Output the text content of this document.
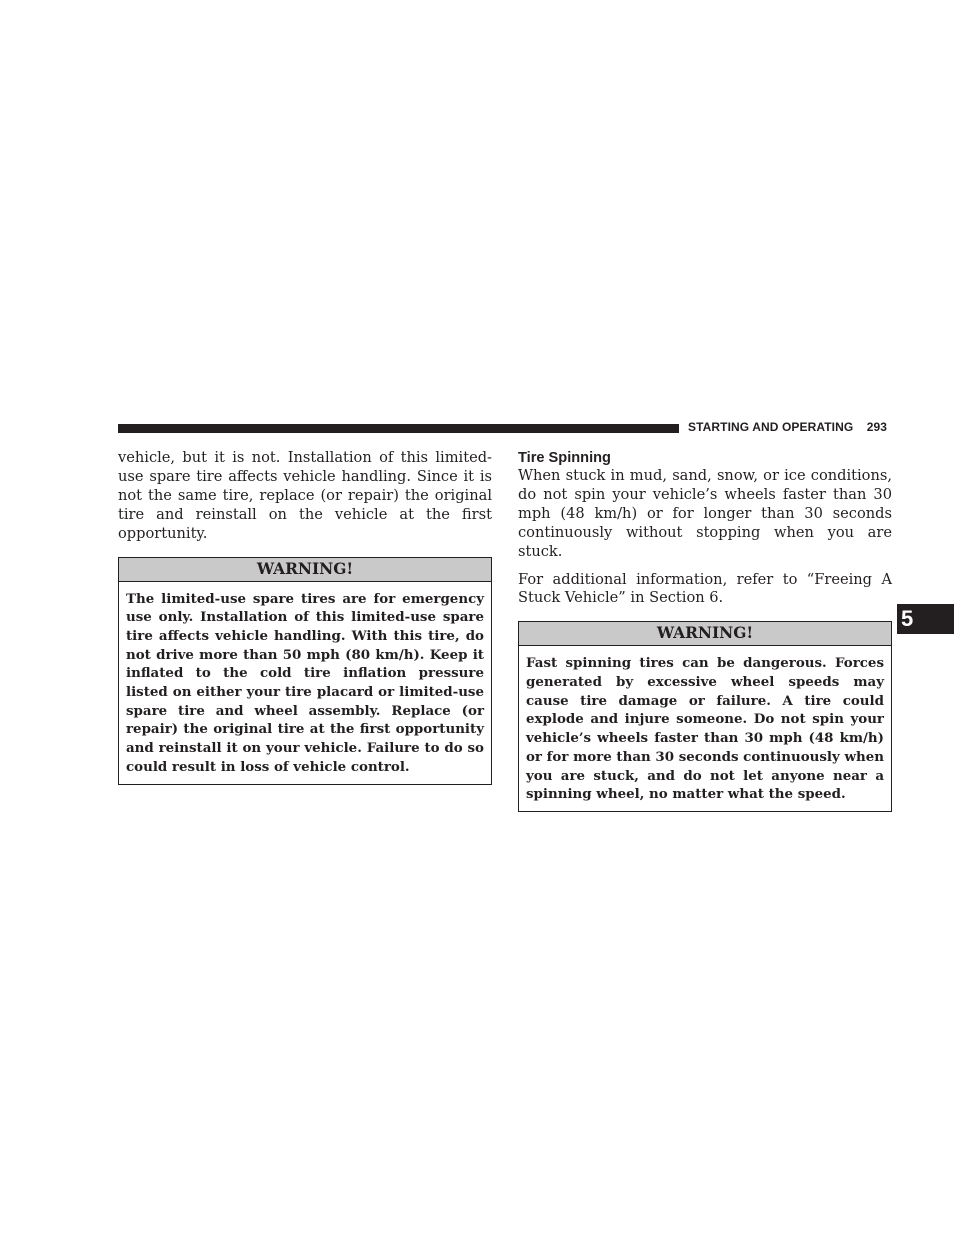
STARTING AND OPERATING 293

vehicle, but it is not. Installation of this limited-use spare tire affects vehicle handling. Since it is not the same tire, replace (or repair) the original tire and reinstall on the vehicle at the first opportunity.

WARNING!
The limited-use spare tires are for emergency use only. Installation of this limited-use spare tire affects vehicle handling. With this tire, do not drive more than 50 mph (80 km/h). Keep it inflated to the cold tire inflation pressure listed on either your tire placard or limited-use spare tire and wheel assembly. Replace (or repair) the original tire at the first opportunity and reinstall it on your vehicle. Failure to do so could result in loss of vehicle control.
Tire Spinning

When stuck in mud, sand, snow, or ice conditions, do not spin your vehicle’s wheels faster than 30 mph (48 km/h) or for longer than 30 seconds continuously without stopping when you are stuck.

For additional information, refer to “Freeing A Stuck Vehicle” in Section 6.

WARNING!
Fast spinning tires can be dangerous. Forces generated by excessive wheel speeds may cause tire damage or failure. A tire could explode and injure someone. Do not spin your vehicle’s wheels faster than 30 mph (48 km/h) or for more than 30 seconds continuously when you are stuck, and do not let anyone near a spinning wheel, no matter what the speed.
5
